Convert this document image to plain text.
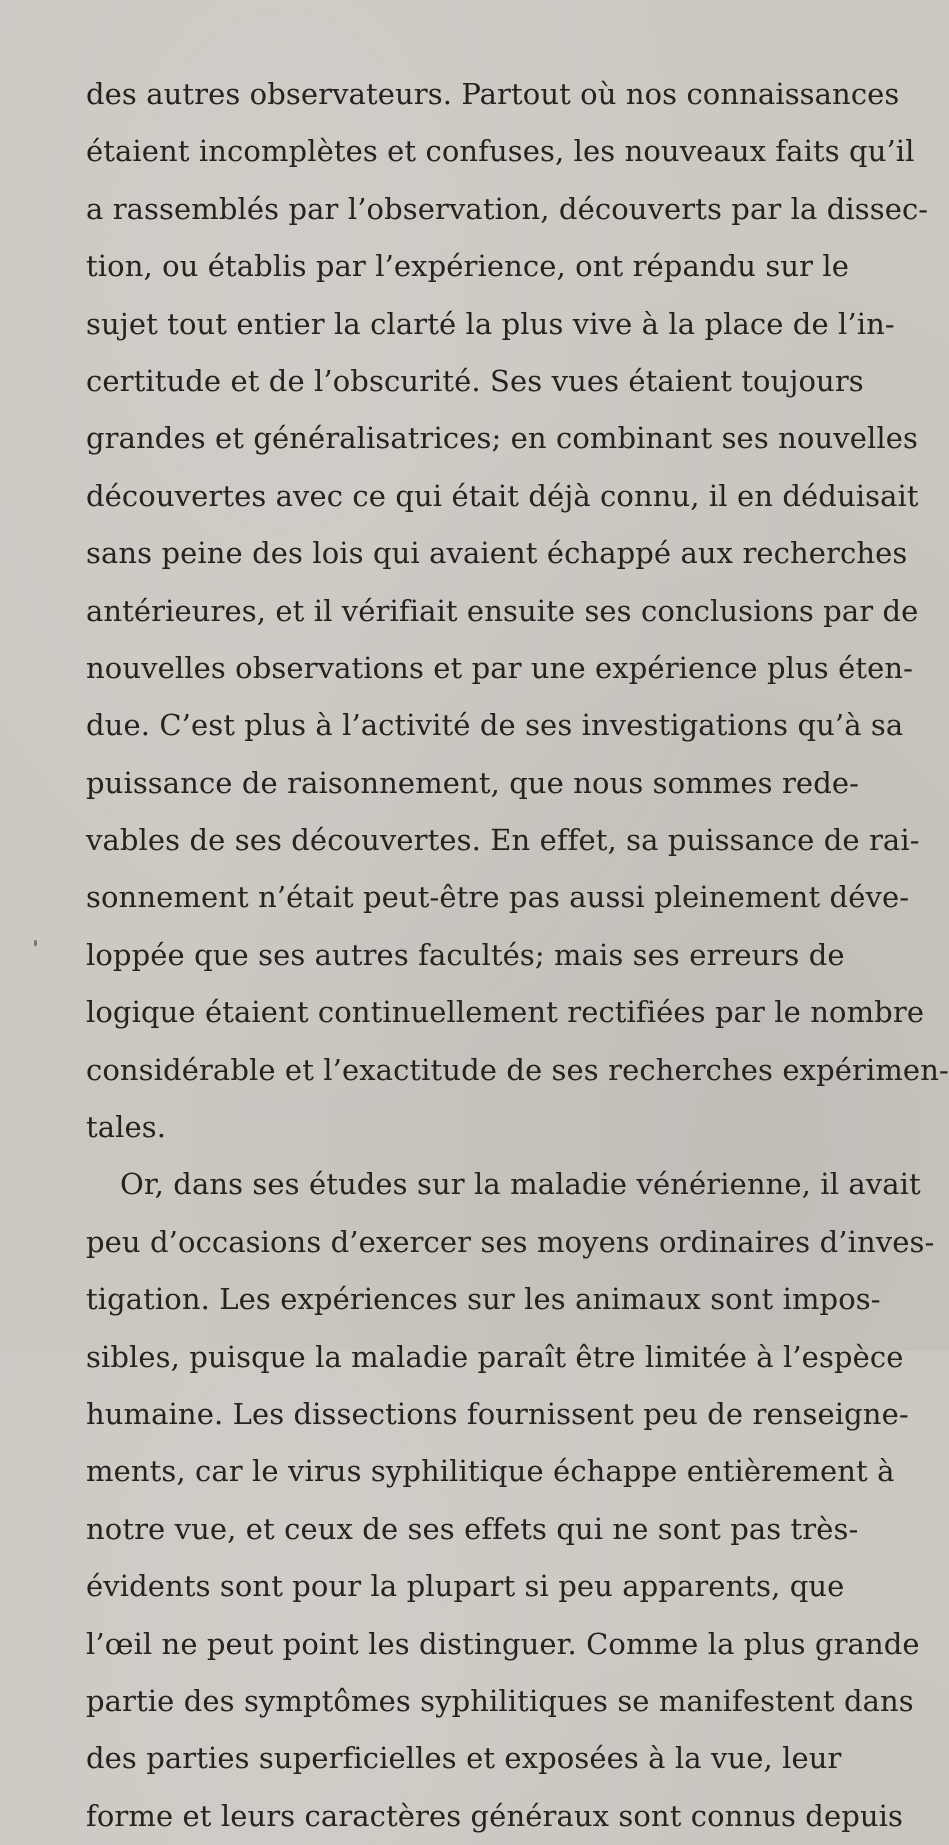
des autres observateurs. Partout où nos connaissances
étaient incomplètes et confuses, les nouveaux faits qu’il
a rassemblés par l’observation, découverts par la dissec-
tion, ou établis par l’expérience, ont répandu sur le
sujet tout entier la clarté la plus vive à la place de l’in-
certitude et de l’obscurité. Ses vues étaient toujours
grandes et généralisatrices; en combinant ses nouvelles
découvertes avec ce qui était déjà connu, il en déduisait
sans peine des lois qui avaient échappé aux recherches
antérieures, et il vérifiait ensuite ses conclusions par de
nouvelles observations et par une expérience plus éten-
due. C’est plus à l’activité de ses investigations qu’à sa
puissance de raisonnement, que nous sommes rede-
vables de ses découvertes. En effet, sa puissance de rai-
sonnement n’était peut-être pas aussi pleinement déve-
loppée que ses autres facultés; mais ses erreurs de
logique étaient continuellement rectifiées par le nombre
considérable et l’exactitude de ses recherches expérimen-
tales.
Or, dans ses études sur la maladie vénérienne, il avait
peu d’occasions d’exercer ses moyens ordinaires d’inves-
tigation. Les expériences sur les animaux sont impos-
sibles, puisque la maladie paraît être limitée à l’espèce
humaine. Les dissections fournissent peu de renseigne-
ments, car le virus syphilitique échappe entièrement à
notre vue, et ceux de ses effets qui ne sont pas très-
évidents sont pour la plupart si peu apparents, que
l’œil ne peut point les distinguer. Comme la plus grande
partie des symptômes syphilitiques se manifestent dans
des parties superficielles et exposées à la vue, leur
forme et leurs caractères généraux sont connus depuis
